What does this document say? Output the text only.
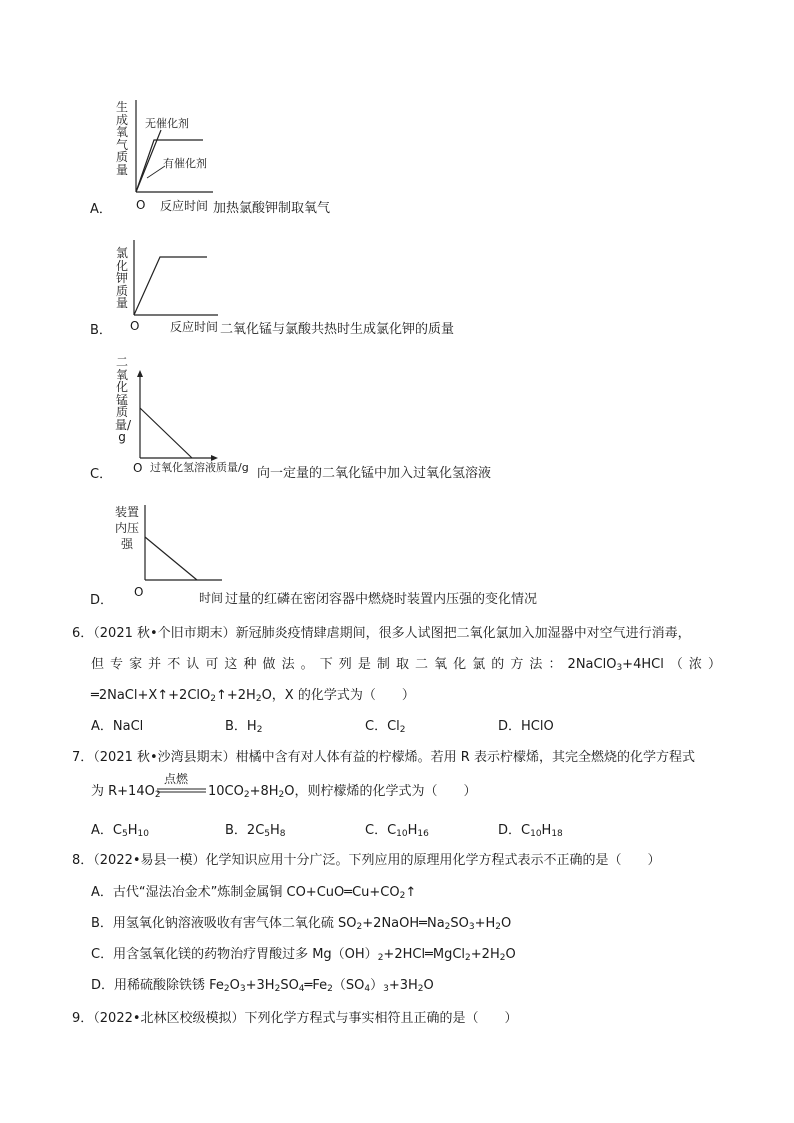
生成氧气质量
无催化剂
有催化剂
O 反应时间
A．	加热氯酸钾制取氧气
氯化钾质量
O	反应时间
B．	二氧化锰与氯酸共热时生成氯化钾的质量
二氧化锰质量/g
O 过氧化氢溶液质量/g
C．	向一定量的二氧化锰中加入过氧化氢溶液
装置内压强
O	时间
D．	过量的红磷在密闭容器中燃烧时装置内压强的变化情况
6．（2021 秋•个旧市期末）新冠肺炎疫情肆虐期间，很多人试图把二氧化氯加入加湿器中对空气进行消毒，
但专家并不认可这种做法。下列是制取二氧化氯的方法：2NaClO$_3$+4HCl（浓）
$═2NaCl+X↑+2ClO_2↑+2H_2O$，X 的化学式为（　　）
A．NaCl	B．$H_2$	C．$Cl_2$	D．HClO
7．（2021 秋•沙湾县期末）柑橘中含有对人体有益的柠檬烯。若用 R 表示柠檬烯，其完全燃烧的化学方程式
为 $R+14O_2$
点燃
$10CO_2+8H_2O$，则柠檬烯的化学式为（　　）
A．$C_5H_{10}$	B．$2C_5H_8$	C．$C_{10}H_{16}$	D．$C_{10}H_{18}$
8．（2022•易县一模）化学知识应用十分广泛。下列应用的原理用化学方程式表示不正确的是（　　）
A．古代“湿法冶金术”炼制金属铜 $CO+CuO═Cu+CO_2↑$
B．用氢氧化钠溶液吸收有害气体二氧化硫 $SO_2+2NaOH═Na_2SO_3+H_2O$
C．用含氢氧化镁的药物治疗胃酸过多 $Mg(OH)_2+2HCl═MgCl_2+2H_2O$
D．用稀硫酸除铁锈 $Fe_2O_3+3H_2SO_4═Fe_2(SO_4)_3+3H_2O$
9．（2022•北林区校级模拟）下列化学方程式与事实相符且正确的是（　　）
